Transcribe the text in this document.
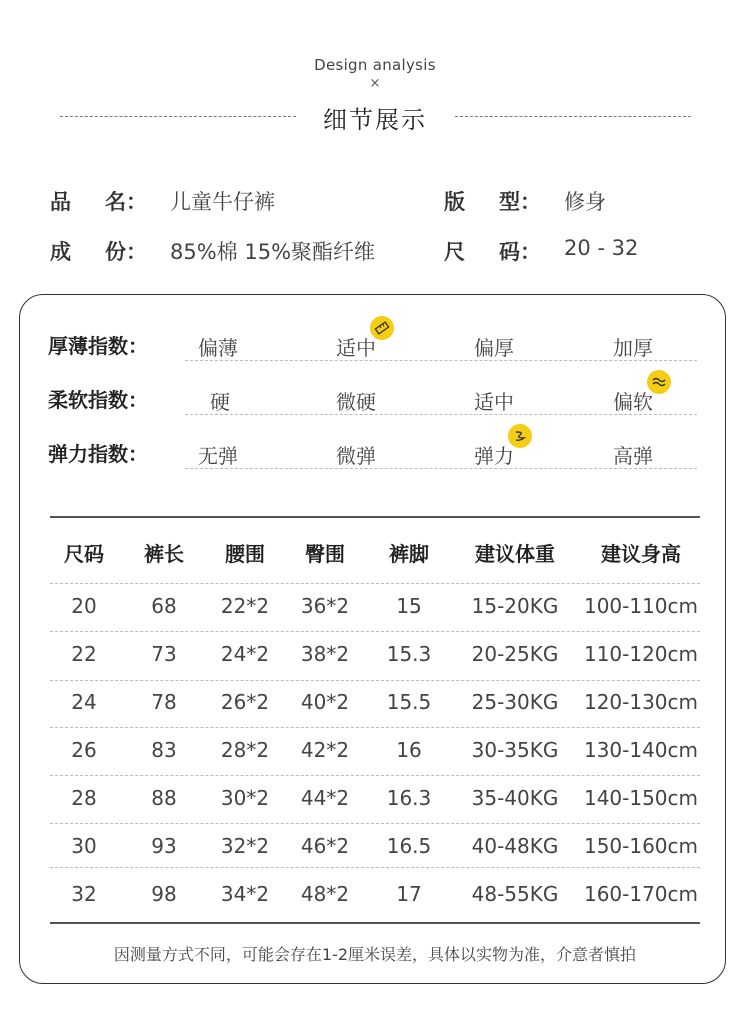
Design analysis
×
细节展示
品 名： 儿童牛仔裤	版 型： 修身
成 份： 85%棉 15%聚酯纤维	尺 码： 20 - 32
厚薄指数：	偏薄	适中	偏厚	加厚
柔软指数：	硬	微硬	适中	偏软
弹力指数：	无弹	微弹	弹力	高弹
尺码	裤长	腰围	臀围	裤脚	建议体重	建议身高
20	68	22*2	36*2	15	15-20KG	100-110cm
22	73	24*2	38*2	15.3	20-25KG	110-120cm
24	78	26*2	40*2	15.5	25-30KG	120-130cm
26	83	28*2	42*2	16	30-35KG	130-140cm
28	88	30*2	44*2	16.3	35-40KG	140-150cm
30	93	32*2	46*2	16.5	40-48KG	150-160cm
32	98	34*2	48*2	17	48-55KG	160-170cm
因测量方式不同，可能会存在1-2厘米误差，具体以实物为准，介意者慎拍
